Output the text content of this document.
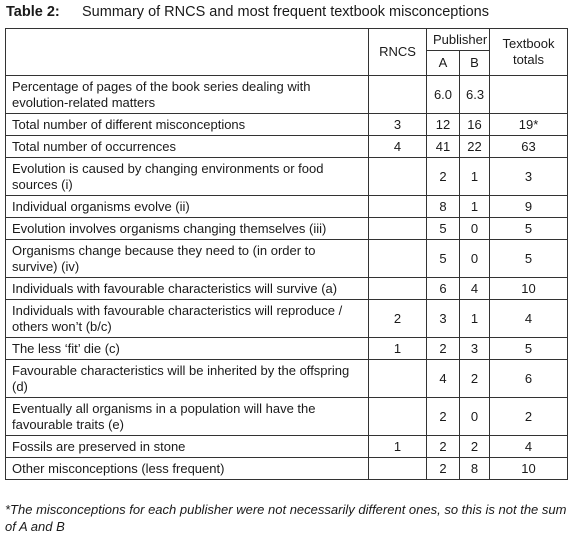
Table 2: Summary of RNCS and most frequent textbook misconceptions
	RNCS	Publisher		Textbook totals
		A	B	
Percentage of pages of the book series dealing with evolution-related matters		6.0	6.3	
Total number of different misconceptions	3	12	16	19*
Total number of occurrences	4	41	22	63
Evolution is caused by changing environments or food sources (i)		2	1	3
Individual organisms evolve (ii)		8	1	9
Evolution involves organisms changing themselves (iii)		5	0	5
Organisms change because they need to (in order to survive) (iv)		5	0	5
Individuals with favourable characteristics will survive (a)		6	4	10
Individuals with favourable characteristics will reproduce / others won’t (b/c)	2	3	1	4
The less ‘fit’ die (c)	1	2	3	5
Favourable characteristics will be inherited by the offspring (d)		4	2	6
Eventually all organisms in a population will have the favourable traits (e)		2	0	2
Fossils are preserved in stone	1	2	2	4
Other misconceptions (less frequent)		2	8	10
*The misconceptions for each publisher were not necessarily different ones, so this is not the sum of A and B
